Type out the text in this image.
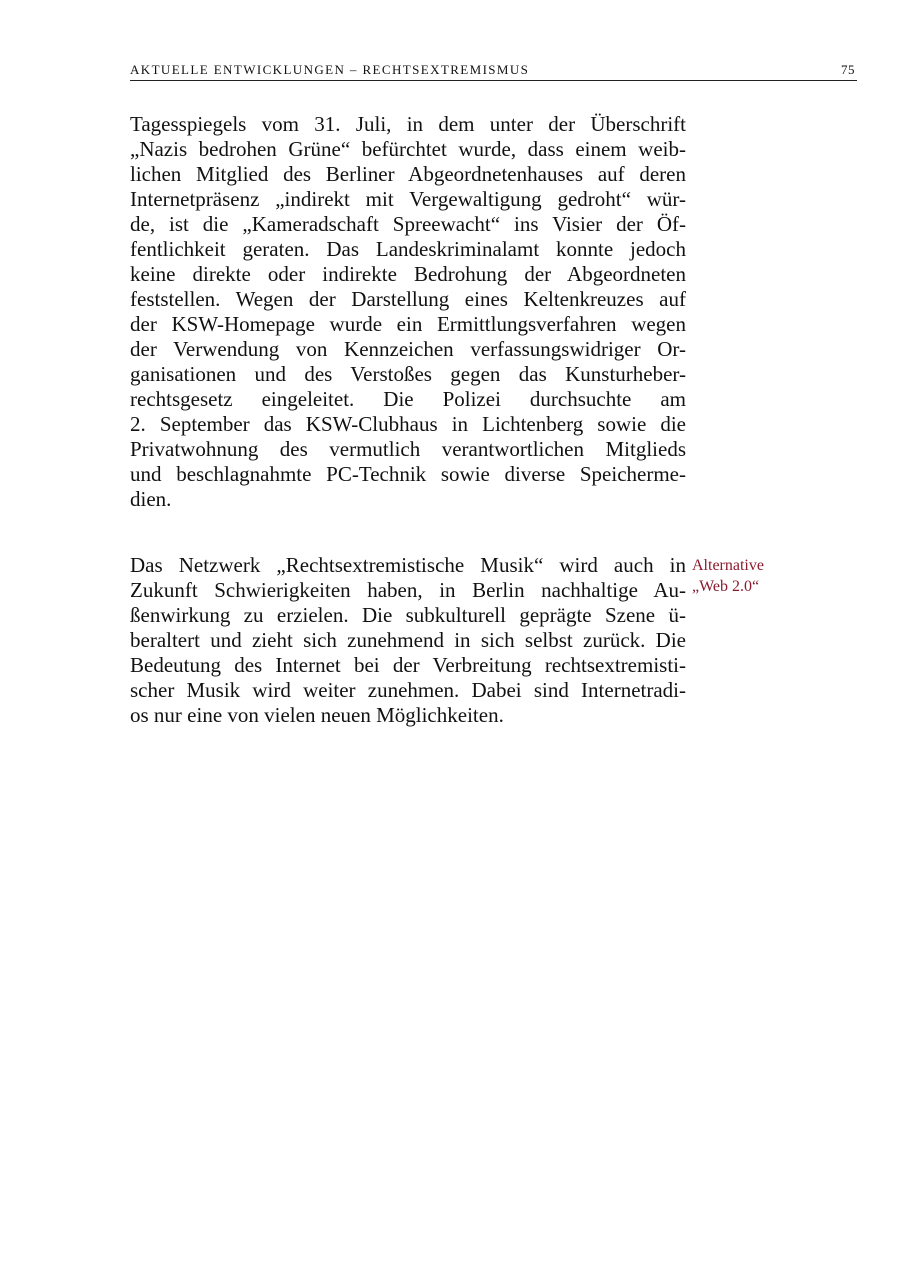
AKTUELLE ENTWICKLUNGEN – RECHTSEXTREMISMUS	75
Tagesspiegels vom 31. Juli, in dem unter der Überschrift
„Nazis bedrohen Grüne“ befürchtet wurde, dass einem weib-
lichen Mitglied des Berliner Abgeordnetenhauses auf deren
Internetpräsenz „indirekt mit Vergewaltigung gedroht“ wür-
de, ist die „Kameradschaft Spreewacht“ ins Visier der Öf-
fentlichkeit geraten. Das Landeskriminalamt konnte jedoch
keine direkte oder indirekte Bedrohung der Abgeordneten
feststellen. Wegen der Darstellung eines Keltenkreuzes auf
der KSW-Homepage wurde ein Ermittlungsverfahren wegen
der Verwendung von Kennzeichen verfassungswidriger Or-
ganisationen und des Verstoßes gegen das Kunsturheber-
rechtsgesetz eingeleitet. Die Polizei durchsuchte am
2. September das KSW-Clubhaus in Lichtenberg sowie die
Privatwohnung des vermutlich verantwortlichen Mitglieds
und beschlagnahmte PC-Technik sowie diverse Speicherme-
dien.
Das Netzwerk „Rechtsextremistische Musik“ wird auch in
Zukunft Schwierigkeiten haben, in Berlin nachhaltige Au-
ßenwirkung zu erzielen. Die subkulturell geprägte Szene ü-
beraltert und zieht sich zunehmend in sich selbst zurück. Die
Bedeutung des Internet bei der Verbreitung rechtsextremisti-
scher Musik wird weiter zunehmen. Dabei sind Internetradi-
os nur eine von vielen neuen Möglichkeiten.
Alternative
„Web 2.0“
